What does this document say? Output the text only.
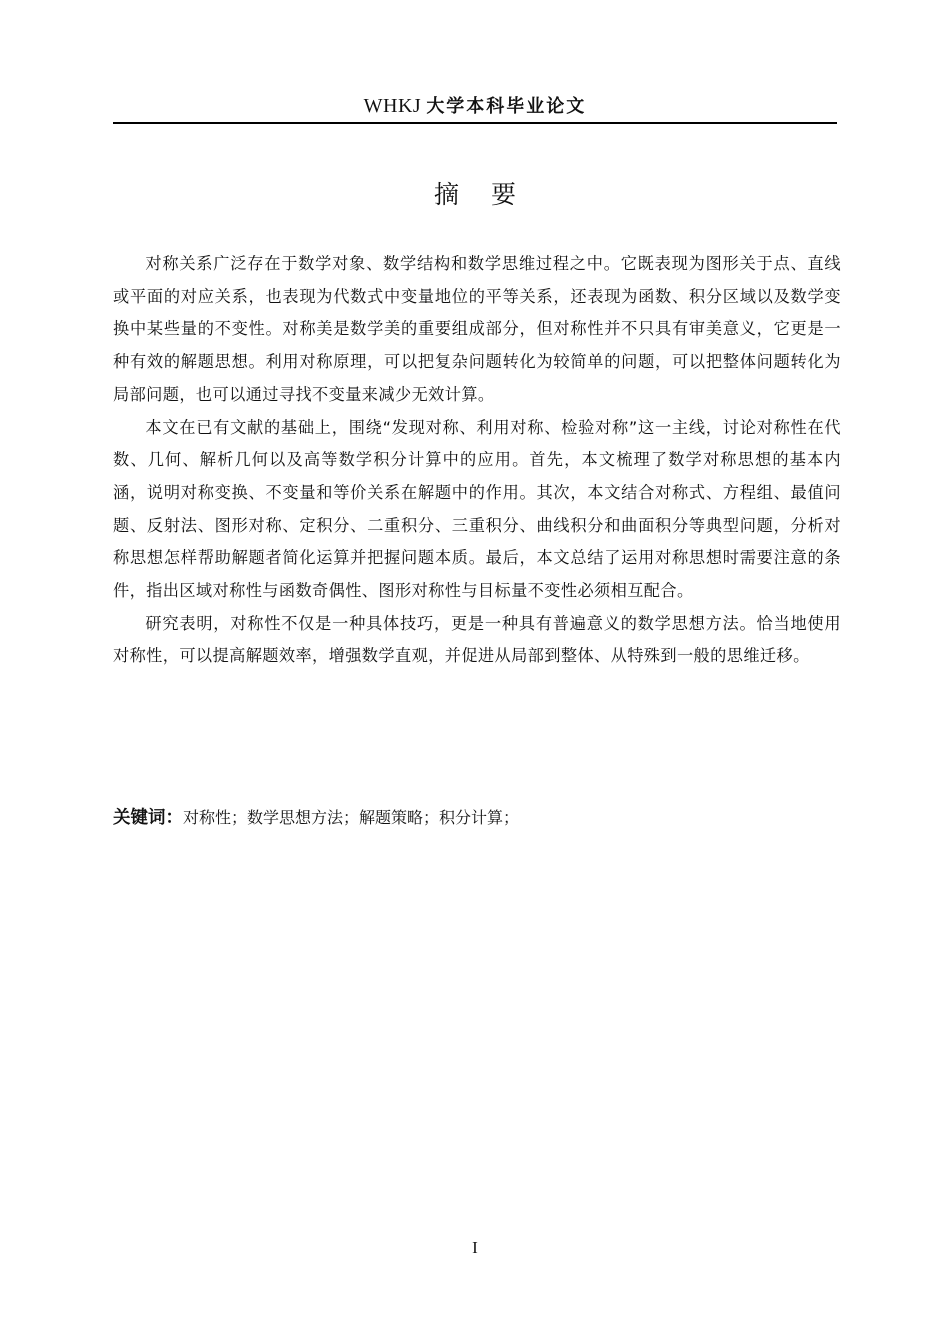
WHKJ 大学本科毕业论文
摘要

对称关系广泛存在于数学对象、数学结构和数学思维过程之中。它既表现为图形关于点、直线或平面的对应关系，也表现为代数式中变量地位的平等关系，还表现为函数、积分区域以及数学变换中某些量的不变性。对称美是数学美的重要组成部分，但对称性并不只具有审美意义，它更是一种有效的解题思想。利用对称原理，可以把复杂问题转化为较简单的问题，可以把整体问题转化为局部问题，也可以通过寻找不变量来减少无效计算。

本文在已有文献的基础上，围绕“发现对称、利用对称、检验对称”这一主线，讨论对称性在代数、几何、解析几何以及高等数学积分计算中的应用。首先，本文梳理了数学对称思想的基本内涵，说明对称变换、不变量和等价关系在解题中的作用。其次，本文结合对称式、方程组、最值问题、反射法、图形对称、定积分、二重积分、三重积分、曲线积分和曲面积分等典型问题，分析对称思想怎样帮助解题者简化运算并把握问题本质。最后，本文总结了运用对称思想时需要注意的条件，指出区域对称性与函数奇偶性、图形对称性与目标量不变性必须相互配合。

研究表明，对称性不仅是一种具体技巧，更是一种具有普遍意义的数学思想方法。恰当地使用对称性，可以提高解题效率，增强数学直观，并促进从局部到整体、从特殊到一般的思维迁移。

关键词：对称性；数学思想方法；解题策略；积分计算；
I
